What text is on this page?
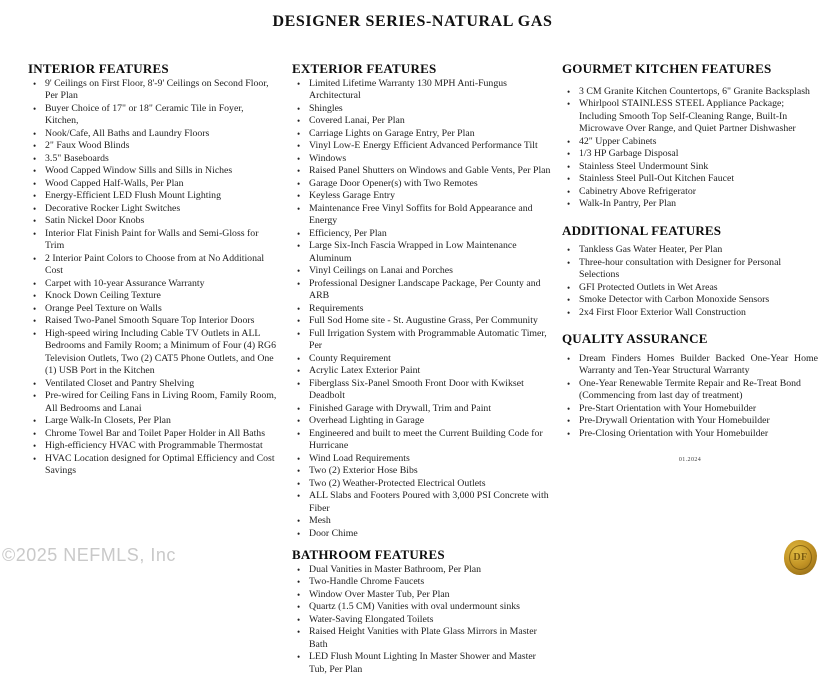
DESIGNER SERIES-NATURAL GAS
INTERIOR FEATURES
• 9' Ceilings on First Floor, 8'-9' Ceilings on Second Floor, Per Plan
• Buyer Choice of 17" or 18" Ceramic Tile in Foyer, Kitchen,
• Nook/Cafe, All Baths and Laundry Floors
• 2" Faux Wood Blinds
• 3.5" Baseboards
• Wood Capped Window Sills and Sills in Niches
• Wood Capped Half-Walls, Per Plan
• Energy-Efficient LED Flush Mount Lighting
• Decorative Rocker Light Switches
• Satin Nickel Door Knobs
• Interior Flat Finish Paint for Walls and Semi-Gloss for Trim
• 2 Interior Paint Colors to Choose from at No Additional Cost
• Carpet with 10-year Assurance Warranty
• Knock Down Ceiling Texture
• Orange Peel Texture on Walls
• Raised Two-Panel Smooth Square Top Interior Doors
• High-speed wiring Including Cable TV Outlets in ALL Bedrooms and Family Room; a Minimum of Four (4) RG6 Television Outlets, Two (2) CAT5 Phone Outlets, and One (1) USB Port in the Kitchen
• Ventilated Closet and Pantry Shelving
• Pre-wired for Ceiling Fans in Living Room, Family Room, All Bedrooms and Lanai
• Large Walk-In Closets, Per Plan
• Chrome Towel Bar and Toilet Paper Holder in All Baths
• High-efficiency HVAC with Programmable Thermostat
• HVAC Location designed for Optimal Efficiency and Cost Savings
EXTERIOR FEATURES
• Limited Lifetime Warranty 130 MPH Anti-Fungus Architectural
• Shingles
• Covered Lanai, Per Plan
• Carriage Lights on Garage Entry, Per Plan
• Vinyl Low-E Energy Efficient Advanced Performance Tilt
• Windows
• Raised Panel Shutters on Windows and Gable Vents, Per Plan
• Garage Door Opener(s) with Two Remotes
• Keyless Garage Entry
• Maintenance Free Vinyl Soffits for Bold Appearance and Energy
• Efficiency, Per Plan
• Large Six-Inch Fascia Wrapped in Low Maintenance Aluminum
• Vinyl Ceilings on Lanai and Porches
• Professional Designer Landscape Package, Per County and ARB
• Requirements
• Full Sod Home site - St. Augustine Grass, Per Community
• Full Irrigation System with Programmable Automatic Timer, Per
• County Requirement
• Acrylic Latex Exterior Paint
• Fiberglass Six-Panel Smooth Front Door with Kwikset Deadbolt
• Finished Garage with Drywall, Trim and Paint
• Overhead Lighting in Garage
• Engineered and built to meet the Current Building Code for Hurricane
• Wind Load Requirements
• Two (2) Exterior Hose Bibs
• Two (2) Weather-Protected Electrical Outlets
• ALL Slabs and Footers Poured with 3,000 PSI Concrete with Fiber
• Mesh
• Door Chime
BATHROOM FEATURES
• Dual Vanities in Master Bathroom, Per Plan
• Two-Handle Chrome Faucets
• Window Over Master Tub, Per Plan
• Quartz (1.5 CM) Vanities with oval undermount sinks
• Water-Saving Elongated Toilets
• Raised Height Vanities with Plate Glass Mirrors in Master Bath
• LED Flush Mount Lighting In Master Shower and Master Tub, Per Plan
GOURMET KITCHEN FEATURES
• 3 CM Granite Kitchen Countertops, 6" Granite Backsplash
• Whirlpool STAINLESS STEEL Appliance Package; Including Smooth Top Self-Cleaning Range, Built-In Microwave Over Range, and Quiet Partner Dishwasher
• 42" Upper Cabinets
• 1/3 HP Garbage Disposal
• Stainless Steel Undermount Sink
• Stainless Steel Pull-Out Kitchen Faucet
• Cabinetry Above Refrigerator
• Walk-In Pantry, Per Plan
ADDITIONAL FEATURES
• Tankless Gas Water Heater, Per Plan
• Three-hour consultation with Designer for Personal Selections
• GFI Protected Outlets in Wet Areas
• Smoke Detector with Carbon Monoxide Sensors
• 2x4 First Floor Exterior Wall Construction
QUALITY ASSURANCE
• Dream Finders Homes Builder Backed One-Year Home Warranty and Ten-Year Structural Warranty
• One-Year Renewable Termite Repair and Re-Treat Bond (Commencing from last day of treatment)
• Pre-Start Orientation with Your Homebuilder
• Pre-Drywall Orientation with Your Homebuilder
• Pre-Closing Orientation with Your Homebuilder
01.2024
©2025 NEFMLS, Inc	DF
